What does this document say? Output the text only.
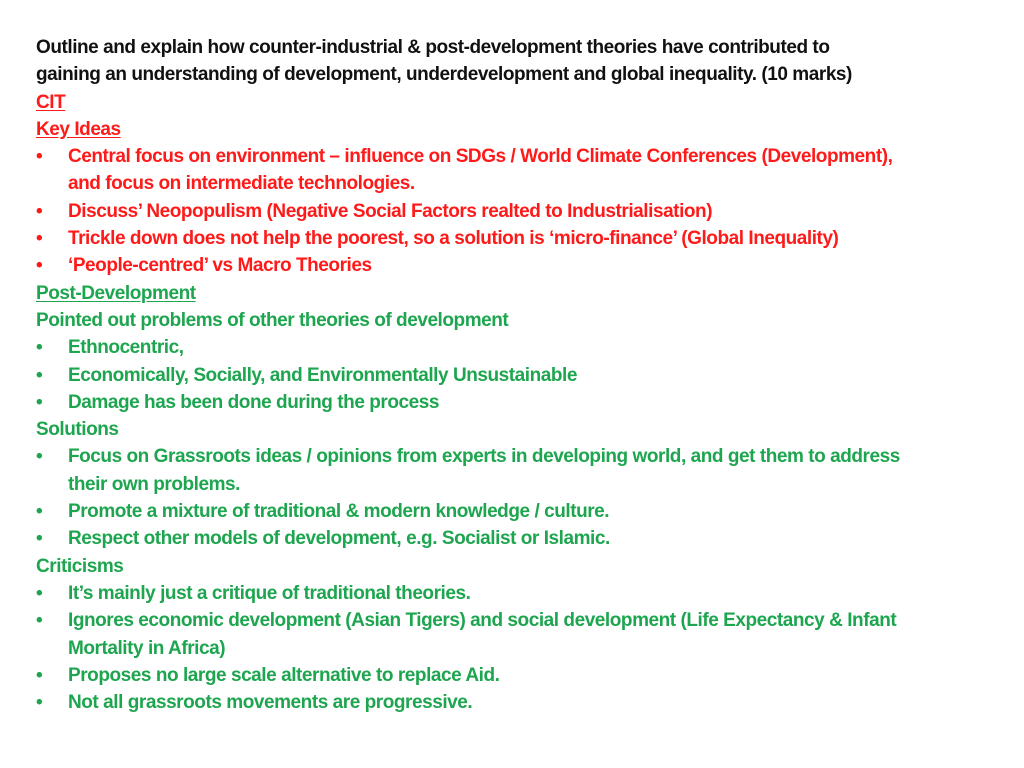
Outline and explain how counter-industrial & post-development theories have contributed to

gaining an understanding of development, underdevelopment and global inequality. (10 marks)

CIT

Key Ideas

•	Central focus on environment – influence on SDGs / World Climate Conferences (Development),
and focus on intermediate technologies.
•	Discuss’ Neopopulism (Negative Social Factors realted to Industrialisation)
•	Trickle down does not help the poorest, so a solution is ‘micro-finance’ (Global Inequality)
•	‘People-centred’ vs Macro Theories

Post-Development

Pointed out problems of other theories of development

•	Ethnocentric,
•	Economically, Socially, and Environmentally Unsustainable
•	Damage has been done during the process

Solutions

•	Focus on Grassroots ideas / opinions from experts in developing world, and get them to address
their own problems.
•	Promote a mixture of traditional & modern knowledge / culture.
•	Respect other models of development, e.g. Socialist or Islamic.

Criticisms

•	It’s mainly just a critique of traditional theories.
•	Ignores economic development (Asian Tigers) and social development (Life Expectancy & Infant
Mortality in Africa)
•	Proposes no large scale alternative to replace Aid.
•	Not all grassroots movements are progressive.
